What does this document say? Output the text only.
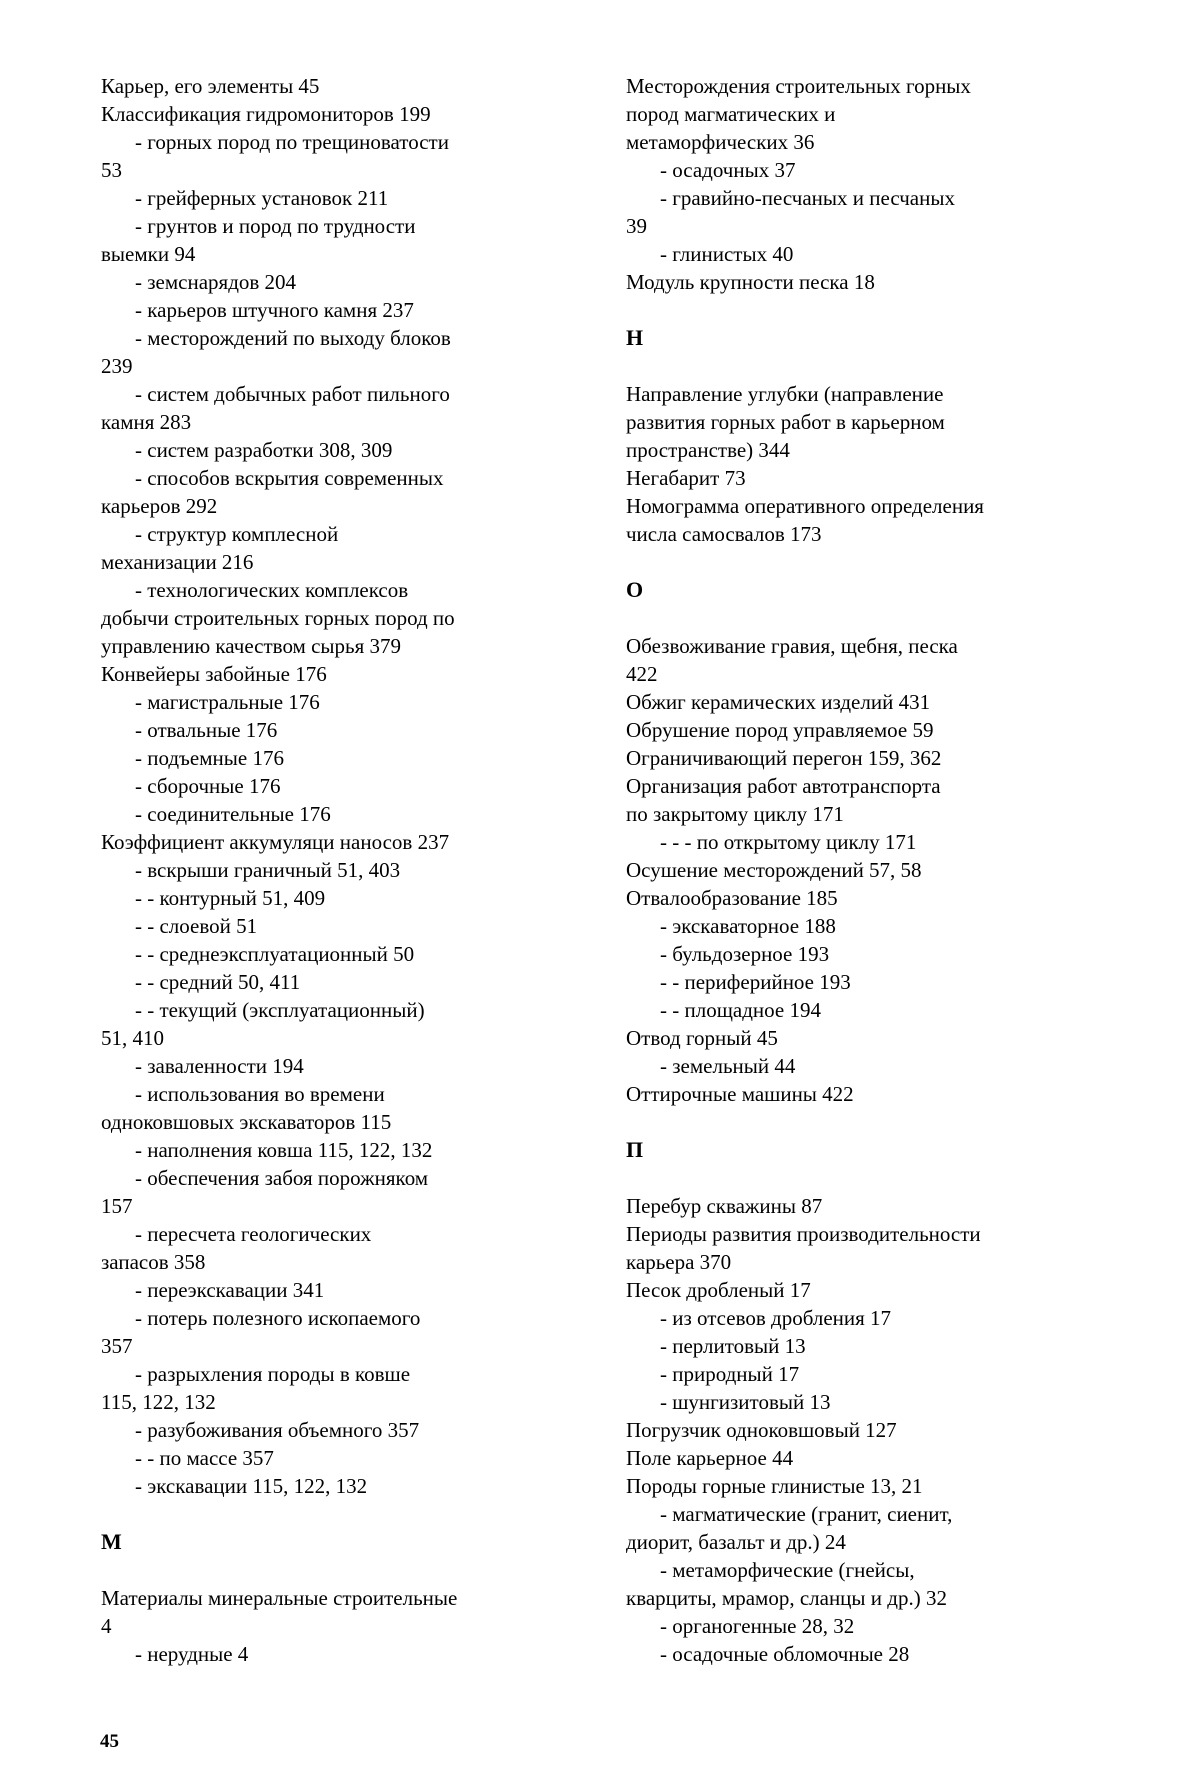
Карьер, его элементы 45
Классификация гидромониторов 199
- горных пород по трещиноватости
53
- грейферных установок 211
- грунтов и пород по трудности
выемки 94
- земснарядов 204
- карьеров штучного камня 237
- месторождений по выходу блоков
239
- систем добычных работ пильного
камня 283
- систем разработки 308, 309
- способов вскрытия современных
карьеров 292
- структур комплесной
механизации 216
- технологических комплексов
добычи строительных горных пород по
управлению качеством сырья 379
Конвейеры забойные 176
- магистральные 176
- отвальные 176
- подъемные 176
- сборочные 176
- соединительные 176
Коэффициент аккумуляци наносов 237
- вскрыши граничный 51, 403
- - контурный 51, 409
- - слоевой 51
- - среднеэксплуатационный 50
- - средний 50, 411
- - текущий (эксплуатационный)
51, 410
- заваленности 194
- использования во времени
одноковшовых экскаваторов 115
- наполнения ковша 115, 122, 132
- обеспечения забоя порожняком
157
- пересчета геологических
запасов 358
- переэкскавации 341
- потерь полезного ископаемого
357
- разрыхления породы в ковше
115, 122, 132
- разубоживания объемного 357
- - по массе 357
- экскавации 115, 122, 132
М
Материалы минеральные строительные
4
- нерудные 4
Месторождения строительных горных
пород магматических и
метаморфических 36
- осадочных 37
- гравийно-песчаных и песчаных
39
- глинистых 40
Модуль крупности песка 18
Н
Направление углубки (направление
развития горных работ в карьерном
пространстве) 344
Негабарит 73
Номограмма оперативного определения
числа самосвалов 173
О
Обезвоживание гравия, щебня, песка
422
Обжиг керамических изделий 431
Обрушение пород управляемое 59
Ограничивающий перегон 159, 362
Организация работ автотранспорта
по закрытому циклу 171
- - - по открытому циклу 171
Осушение месторождений 57, 58
Отвалообразование 185
- экскаваторное 188
- бульдозерное 193
- - периферийное 193
- - площадное 194
Отвод горный 45
- земельный 44
Оттирочные машины 422
П
Перебур скважины 87
Периоды развития производительности
карьера 370
Песок дробленый 17
- из отсевов дробления 17
- перлитовый 13
- природный 17
- шунгизитовый 13
Погрузчик одноковшовый 127
Поле карьерное 44
Породы горные глинистые 13, 21
- магматические (гранит, сиенит,
диорит, базальт и др.) 24
- метаморфические (гнейсы,
кварциты, мрамор, сланцы и др.) 32
- органогенные 28, 32
- осадочные обломочные 28
45
